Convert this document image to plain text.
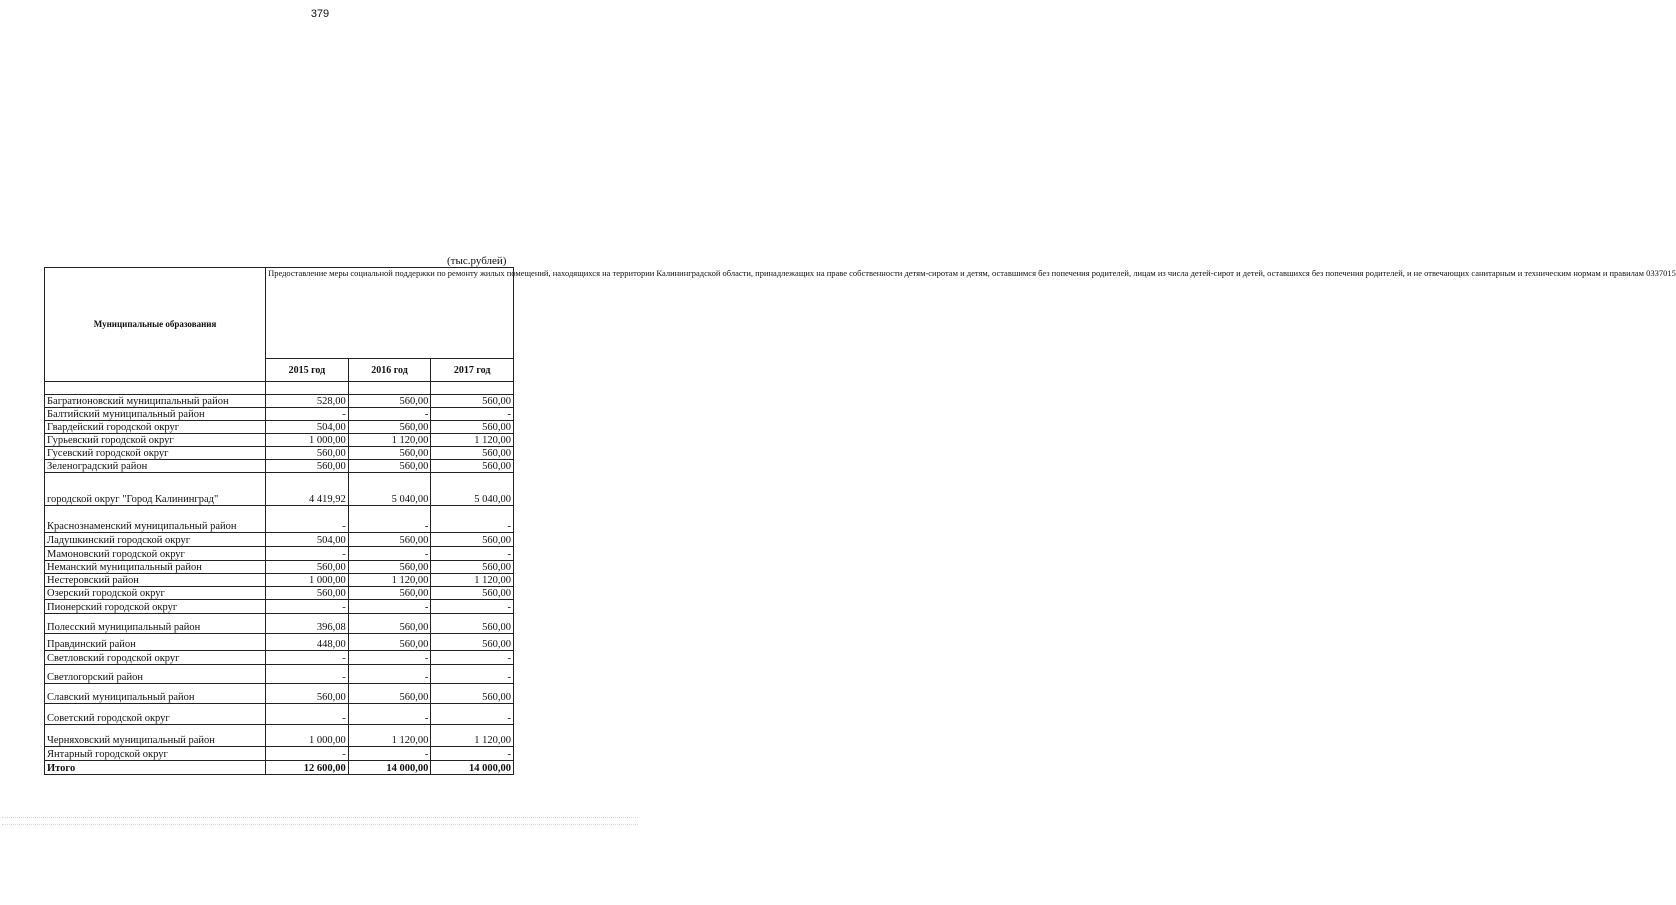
379
(тыс.рублей)
Муниципальные образования	Предоставление меры социальной поддержки по ремонту жилых помещений, находящихся на территории Калининградской области, принадлежащих на праве собственности детям-сиротам и детям, оставшимся без попечения родителей, лицам из числа детей-сирот и детей, оставшихся без попечения родителей, и не отвечающих санитарным и техническим нормам и правилам 0337015		
	2015 год	2016 год	2017 год

Багратионовский муниципальный район	528,00	560,00	560,00
Балтийский муниципальный район	-	-	-
Гвардейский городской округ	504,00	560,00	560,00
Гурьевский городской округ	1 000,00	1 120,00	1 120,00
Гусевский городской округ	560,00	560,00	560,00
Зеленоградский район	560,00	560,00	560,00
городской округ "Город Калининград"	4 419,92	5 040,00	5 040,00
Краснознаменский муниципальный район	-	-	-
Ладушкинский городской округ	504,00	560,00	560,00
Мамоновский городской округ	-	-	-
Неманский муниципальный район	560,00	560,00	560,00
Нестеровский район	1 000,00	1 120,00	1 120,00
Озерский городской округ	560,00	560,00	560,00
Пионерский городской округ	-	-	-
Полесский муниципальный район	396,08	560,00	560,00
Правдинский район	448,00	560,00	560,00
Светловский городской округ	-	-	-
Светлогорский район	-	-	-
Славский муниципальный район	560,00	560,00	560,00
Советский городской округ	-	-	-
Черняховский муниципальный район	1 000,00	1 120,00	1 120,00
Янтарный городской округ	-	-	-
Итого	12 600,00	14 000,00	14 000,00
